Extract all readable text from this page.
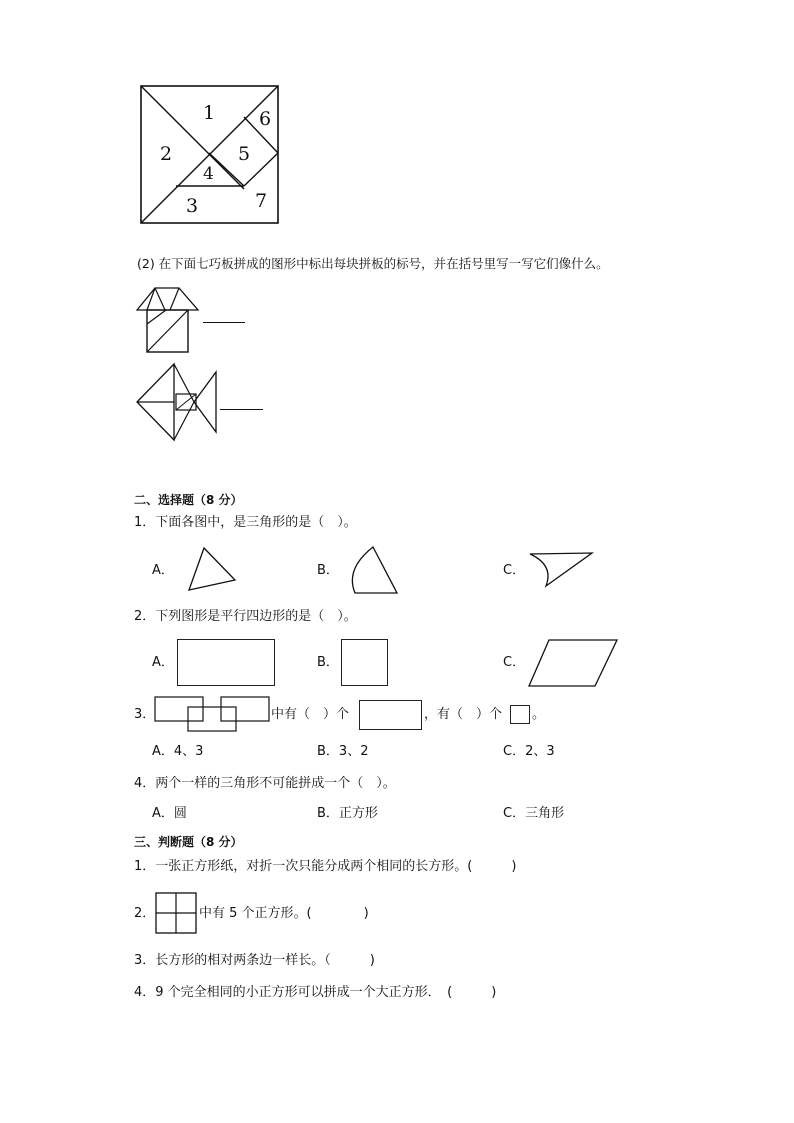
1
2
3
4
5
6
7
(2) 在下面七巧板拼成的图形中标出每块拼板的标号，并在括号里写一写它们像什么。
二、选择题（8 分）
1．下面各图中，是三角形的是（　）。
A．	B．	C．
2．下列图形是平行四边形的是（　）。
A．	B．	C．
3．	中有（　）个	，有（　）个 。
A．4、3	B．3、2	C．2、3
4．两个一样的三角形不可能拼成一个（　）。
A．圆	B．正方形	C．三角形
三、判断题（8 分）
1．一张正方形纸，对折一次只能分成两个相同的长方形。(　　　)
2．	中有 5 个正方形。(　　　　)
3．长方形的相对两条边一样长。（　　　)
4．9 个完全相同的小正方形可以拼成一个大正方形．　(　　　)
